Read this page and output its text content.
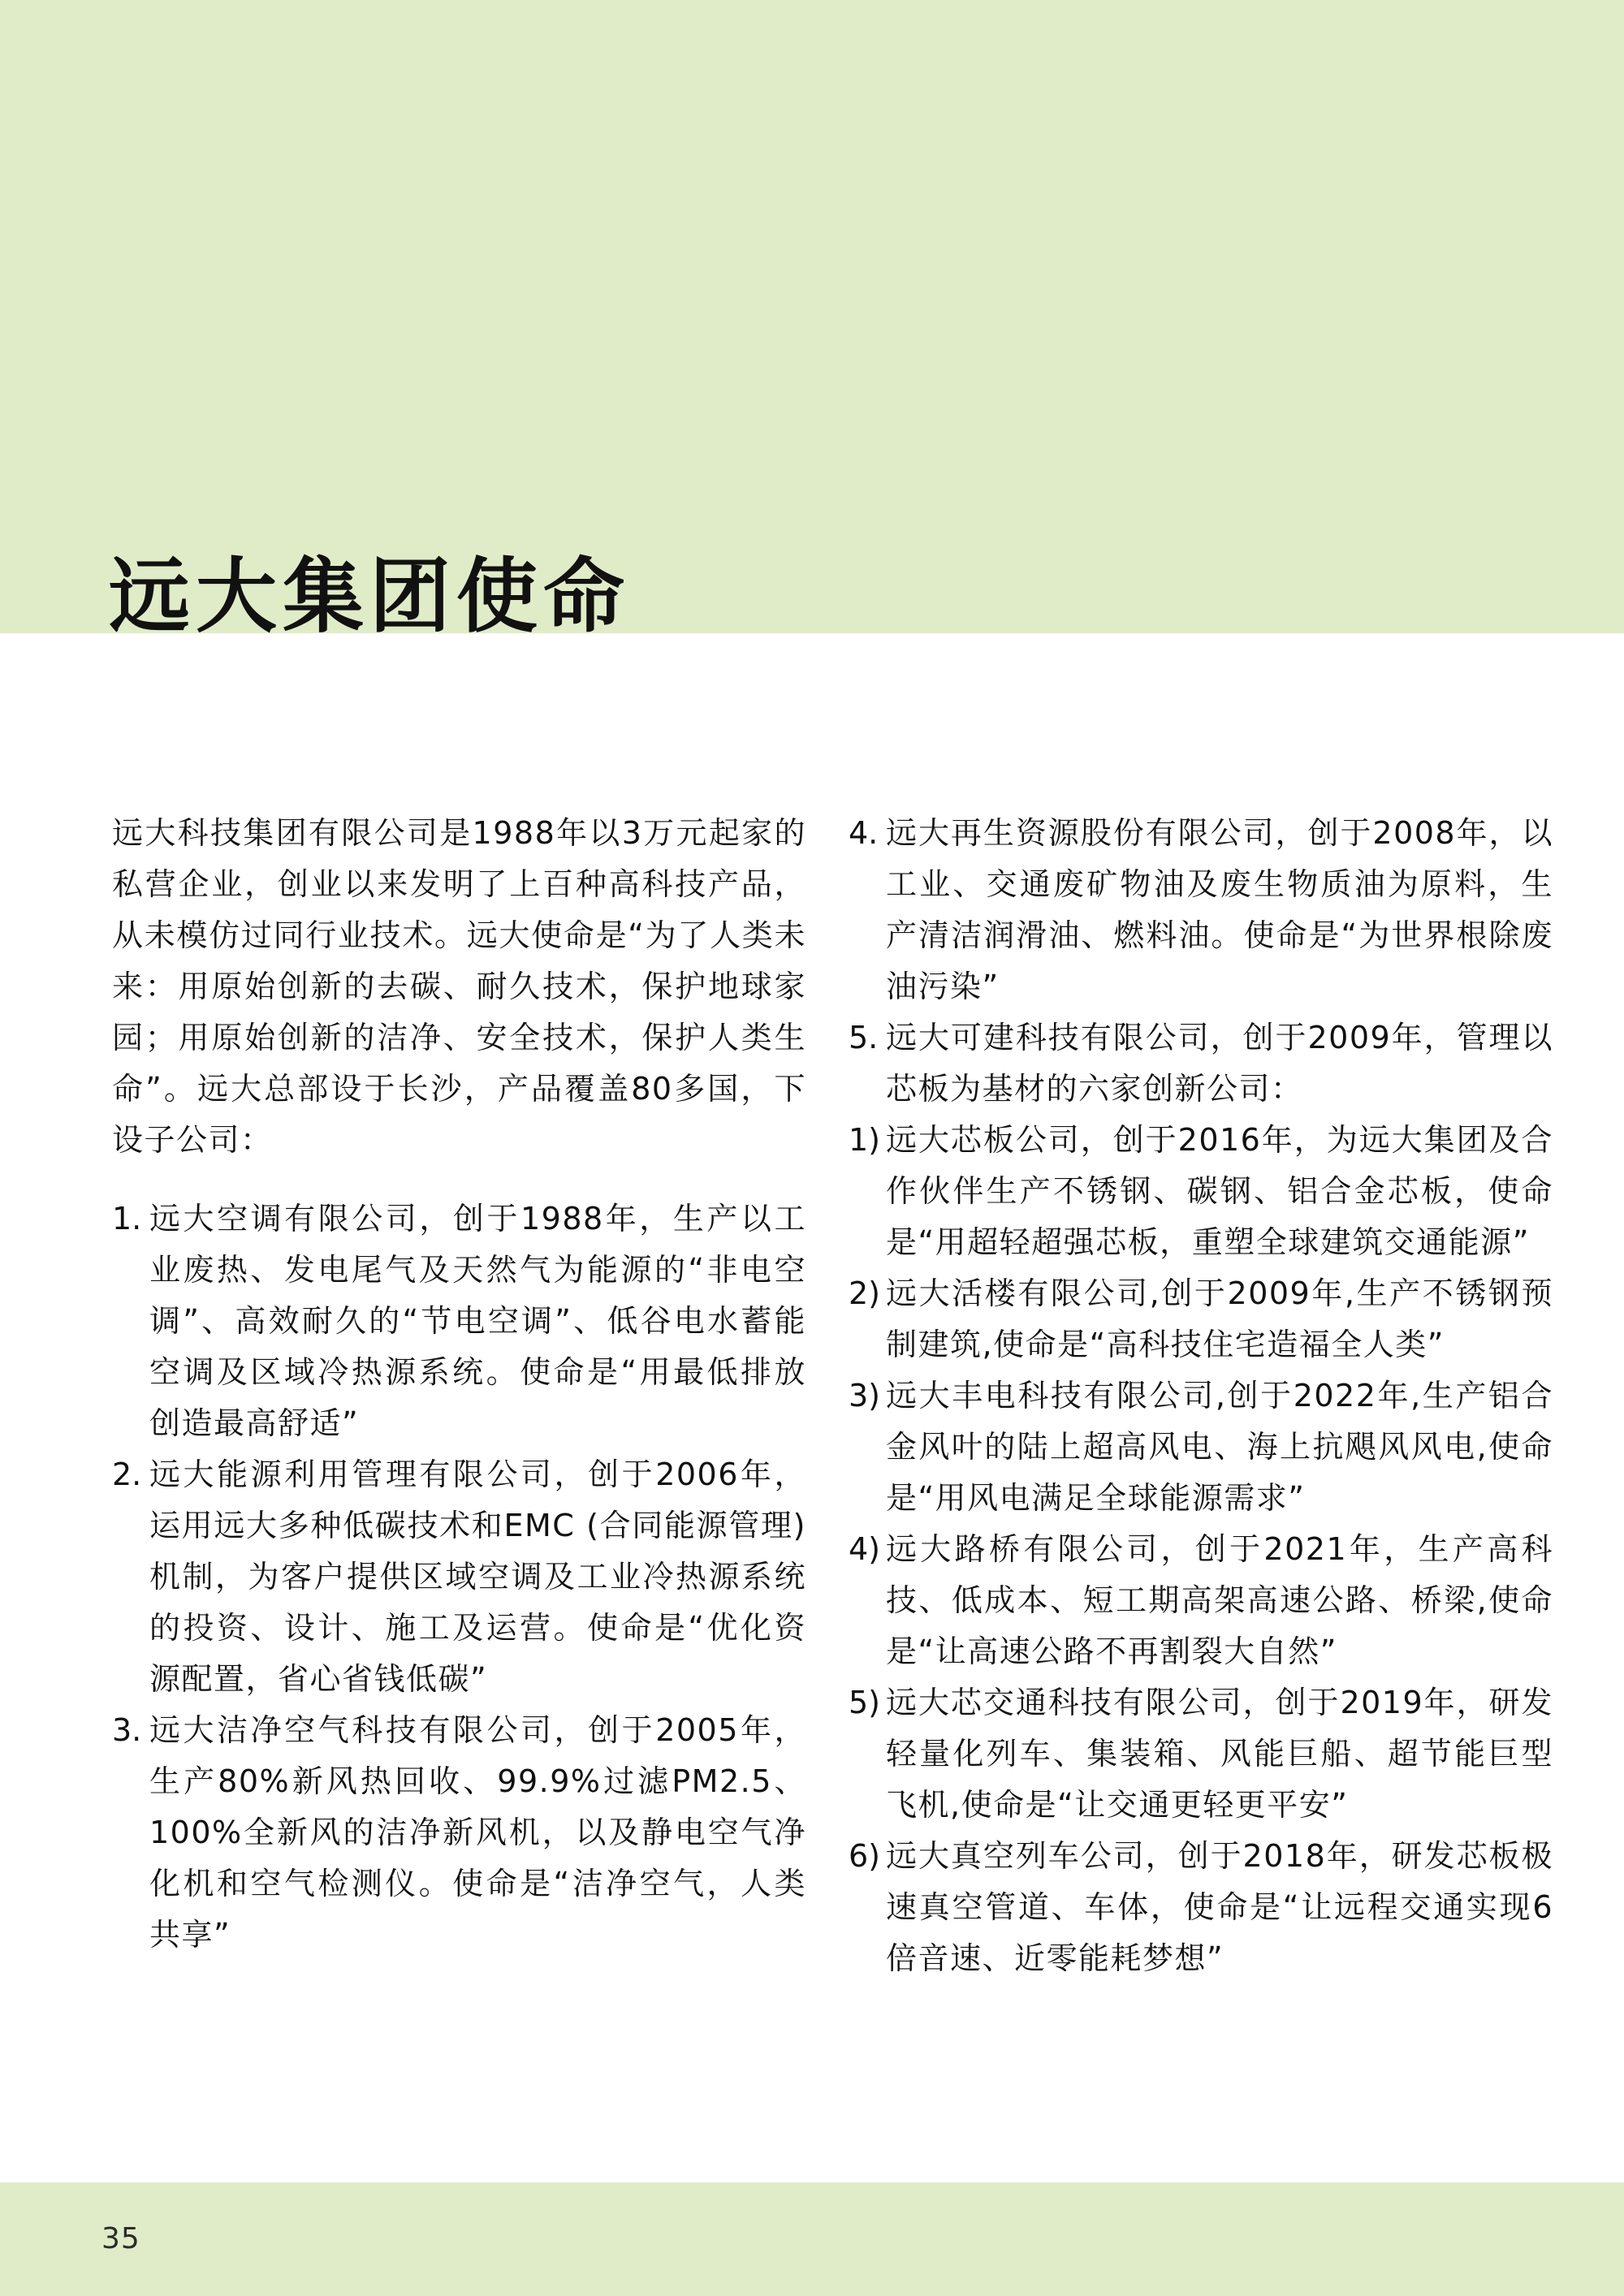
远大集团使命

远大科技集团有限公司是1988年以3万元起家的私营企业，创业以来发明了上百种高科技产品，从未模仿过同行业技术。远大使命是“为了人类未来：用原始创新的去碳、耐久技术，保护地球家园；用原始创新的洁净、安全技术，保护人类生命”。远大总部设于长沙，产品覆盖80多国，下设子公司：

1. 远大空调有限公司，创于1988年，生产以工业废热、发电尾气及天然气为能源的“非电空调”、高效耐久的“节电空调”、低谷电水蓄能空调及区域冷热源系统。使命是“用最低排放创造最高舒适”
2. 远大能源利用管理有限公司，创于2006年，运用远大多种低碳技术和EMC (合同能源管理) 机制，为客户提供区域空调及工业冷热源系统的投资、设计、施工及运营。使命是“优化资源配置，省心省钱低碳”
3. 远大洁净空气科技有限公司，创于2005年，生产80%新风热回收、99.9%过滤PM2.5、100%全新风的洁净新风机，以及静电空气净化机和空气检测仪。使命是“洁净空气，人类共享”
4. 远大再生资源股份有限公司，创于2008年，以工业、交通废矿物油及废生物质油为原料，生产清洁润滑油、燃料油。使命是“为世界根除废油污染”
5. 远大可建科技有限公司，创于2009年，管理以芯板为基材的六家创新公司：
1) 远大芯板公司，创于2016年，为远大集团及合作伙伴生产不锈钢、碳钢、铝合金芯板，使命是“用超轻超强芯板，重塑全球建筑交通能源”
2) 远大活楼有限公司,创于2009年,生产不锈钢预制建筑,使命是“高科技住宅造福全人类”
3) 远大丰电科技有限公司,创于2022年,生产铝合金风叶的陆上超高风电、海上抗飓风风电,使命是“用风电满足全球能源需求”
4) 远大路桥有限公司，创于2021年，生产高科技、低成本、短工期高架高速公路、桥梁,使命是“让高速公路不再割裂大自然”
5) 远大芯交通科技有限公司，创于2019年，研发轻量化列车、集装箱、风能巨船、超节能巨型飞机,使命是“让交通更轻更平安”
6) 远大真空列车公司，创于2018年，研发芯板极速真空管道、车体，使命是“让远程交通实现6倍音速、近零能耗梦想”
35
